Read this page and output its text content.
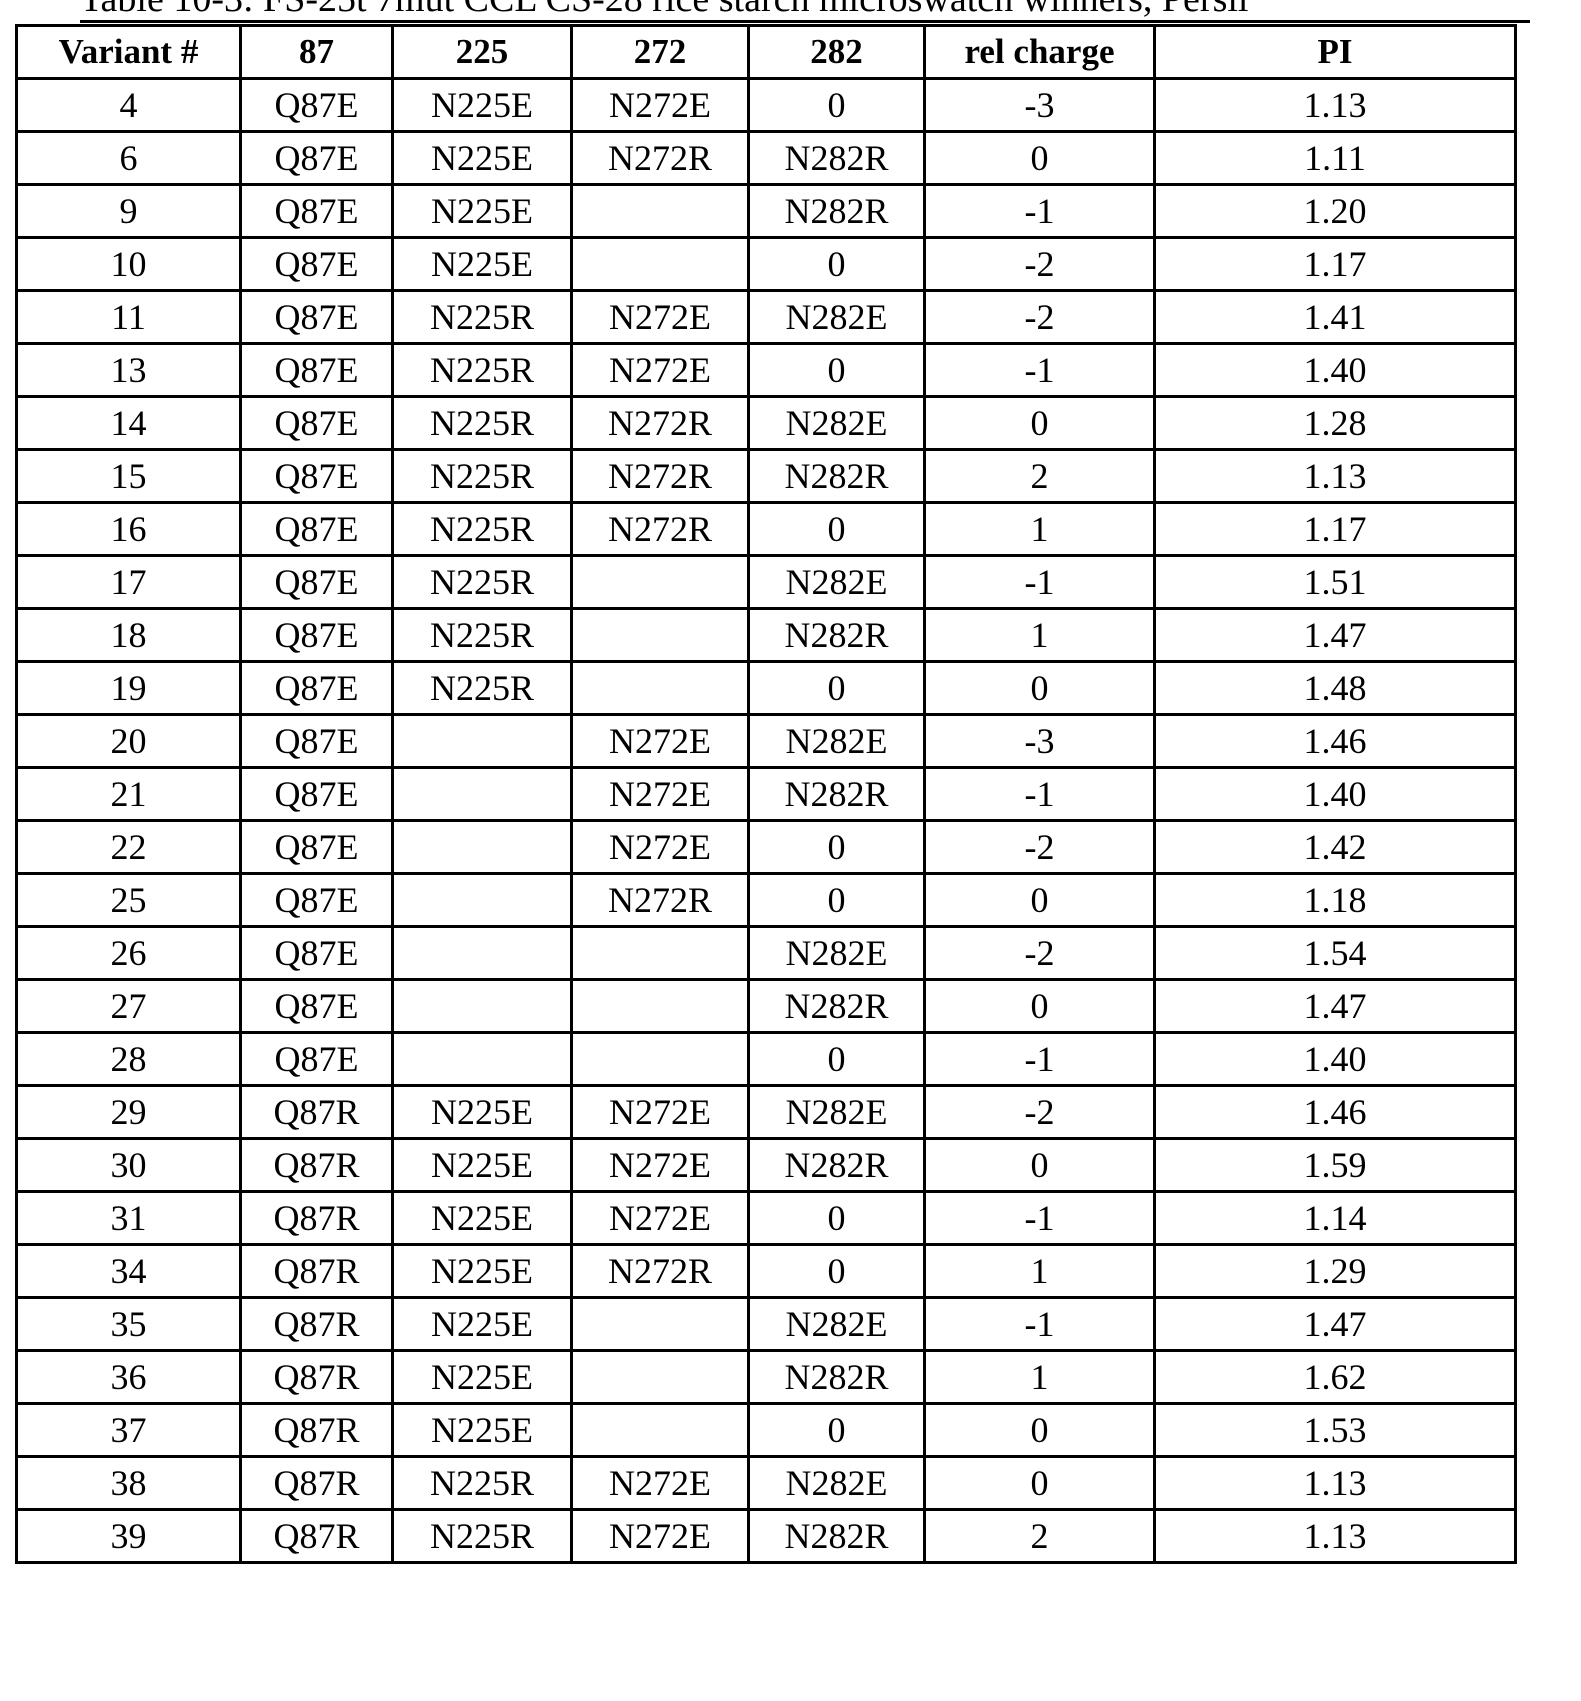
Variant #	87	225	272	282	rel charge	PI
4	Q87E	N225E	N272E	0	-3	1.13
6	Q87E	N225E	N272R	N282R	0	1.11
9	Q87E	N225E		N282R	-1	1.20
10	Q87E	N225E		0	-2	1.17
11	Q87E	N225R	N272E	N282E	-2	1.41
13	Q87E	N225R	N272E	0	-1	1.40
14	Q87E	N225R	N272R	N282E	0	1.28
15	Q87E	N225R	N272R	N282R	2	1.13
16	Q87E	N225R	N272R	0	1	1.17
17	Q87E	N225R		N282E	-1	1.51
18	Q87E	N225R		N282R	1	1.47
19	Q87E	N225R		0	0	1.48
20	Q87E		N272E	N282E	-3	1.46
21	Q87E		N272E	N282R	-1	1.40
22	Q87E		N272E	0	-2	1.42
25	Q87E		N272R	0	0	1.18
26	Q87E			N282E	-2	1.54
27	Q87E			N282R	0	1.47
28	Q87E			0	-1	1.40
29	Q87R	N225E	N272E	N282E	-2	1.46
30	Q87R	N225E	N272E	N282R	0	1.59
31	Q87R	N225E	N272E	0	-1	1.14
34	Q87R	N225E	N272R	0	1	1.29
35	Q87R	N225E		N282E	-1	1.47
36	Q87R	N225E		N282R	1	1.62
37	Q87R	N225E		0	0	1.53
38	Q87R	N225R	N272E	N282E	0	1.13
39	Q87R	N225R	N272E	N282R	2	1.13
